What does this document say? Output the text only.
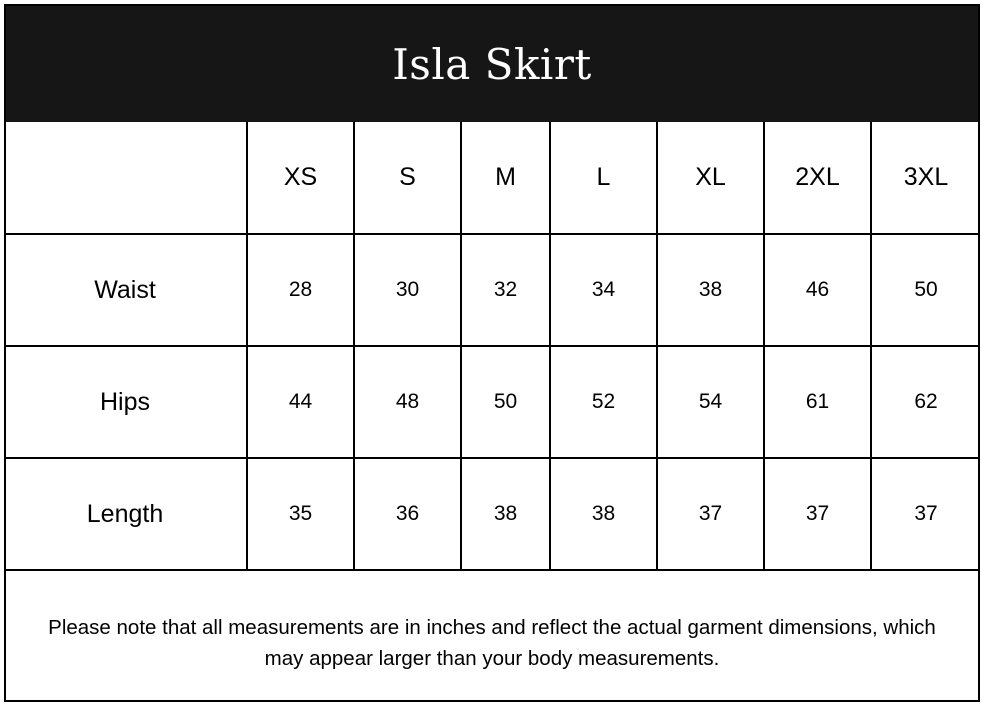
Isla Skirt
	XS	S	M	L	XL	2XL	3XL
Waist	28	30	32	34	38	46	50
Hips	44	48	50	52	54	61	62
Length	35	36	38	38	37	37	37
Please note that all measurements are in inches and reflect the actual garment dimensions, which may appear larger than your body measurements.
